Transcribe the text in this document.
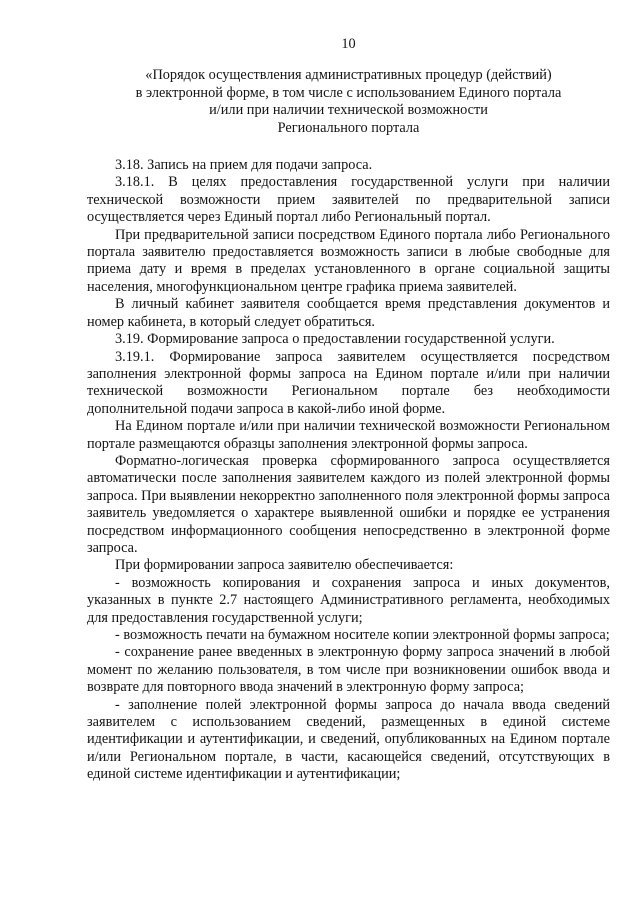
10
«Порядок осуществления административных процедур (действий)
в электронной форме, в том числе с использованием Единого портала
и/или при наличии технической возможности
Регионального портала

3.18. Запись на прием для подачи запроса.

3.18.1. В целях предоставления государственной услуги при наличии технической возможности прием заявителей по предварительной записи осуществляется через Единый портал либо Региональный портал.

При предварительной записи посредством Единого портала либо Регионального портала заявителю предоставляется возможность записи в любые свободные для приема дату и время в пределах установленного в органе социальной защиты населения, многофункциональном центре графика приема заявителей.

В личный кабинет заявителя сообщается время представления документов и номер кабинета, в который следует обратиться.

3.19. Формирование запроса о предоставлении государственной услуги.

3.19.1. Формирование запроса заявителем осуществляется посредством заполнения электронной формы запроса на Едином портале и/или при наличии технической возможности Региональном портале без необходимости дополнительной подачи запроса в какой-либо иной форме.

На Едином портале и/или при наличии технической возможности Региональном портале размещаются образцы заполнения электронной формы запроса.

Форматно-логическая проверка сформированного запроса осуществляется автоматически после заполнения заявителем каждого из полей электронной формы запроса. При выявлении некорректно заполненного поля электронной формы запроса заявитель уведомляется о характере выявленной ошибки и порядке ее устранения посредством информационного сообщения непосредственно в электронной форме запроса.

При формировании запроса заявителю обеспечивается:

- возможность копирования и сохранения запроса и иных документов, указанных в пункте 2.7 настоящего Административного регламента, необходимых для предоставления государственной услуги;

- возможность печати на бумажном носителе копии электронной формы запроса;

- сохранение ранее введенных в электронную форму запроса значений в любой момент по желанию пользователя, в том числе при возникновении ошибок ввода и возврате для повторного ввода значений в электронную форму запроса;

- заполнение полей электронной формы запроса до начала ввода сведений заявителем с использованием сведений, размещенных в единой системе идентификации и аутентификации, и сведений, опубликованных на Едином портале и/или Региональном портале, в части, касающейся сведений, отсутствующих в единой системе идентификации и аутентификации;
